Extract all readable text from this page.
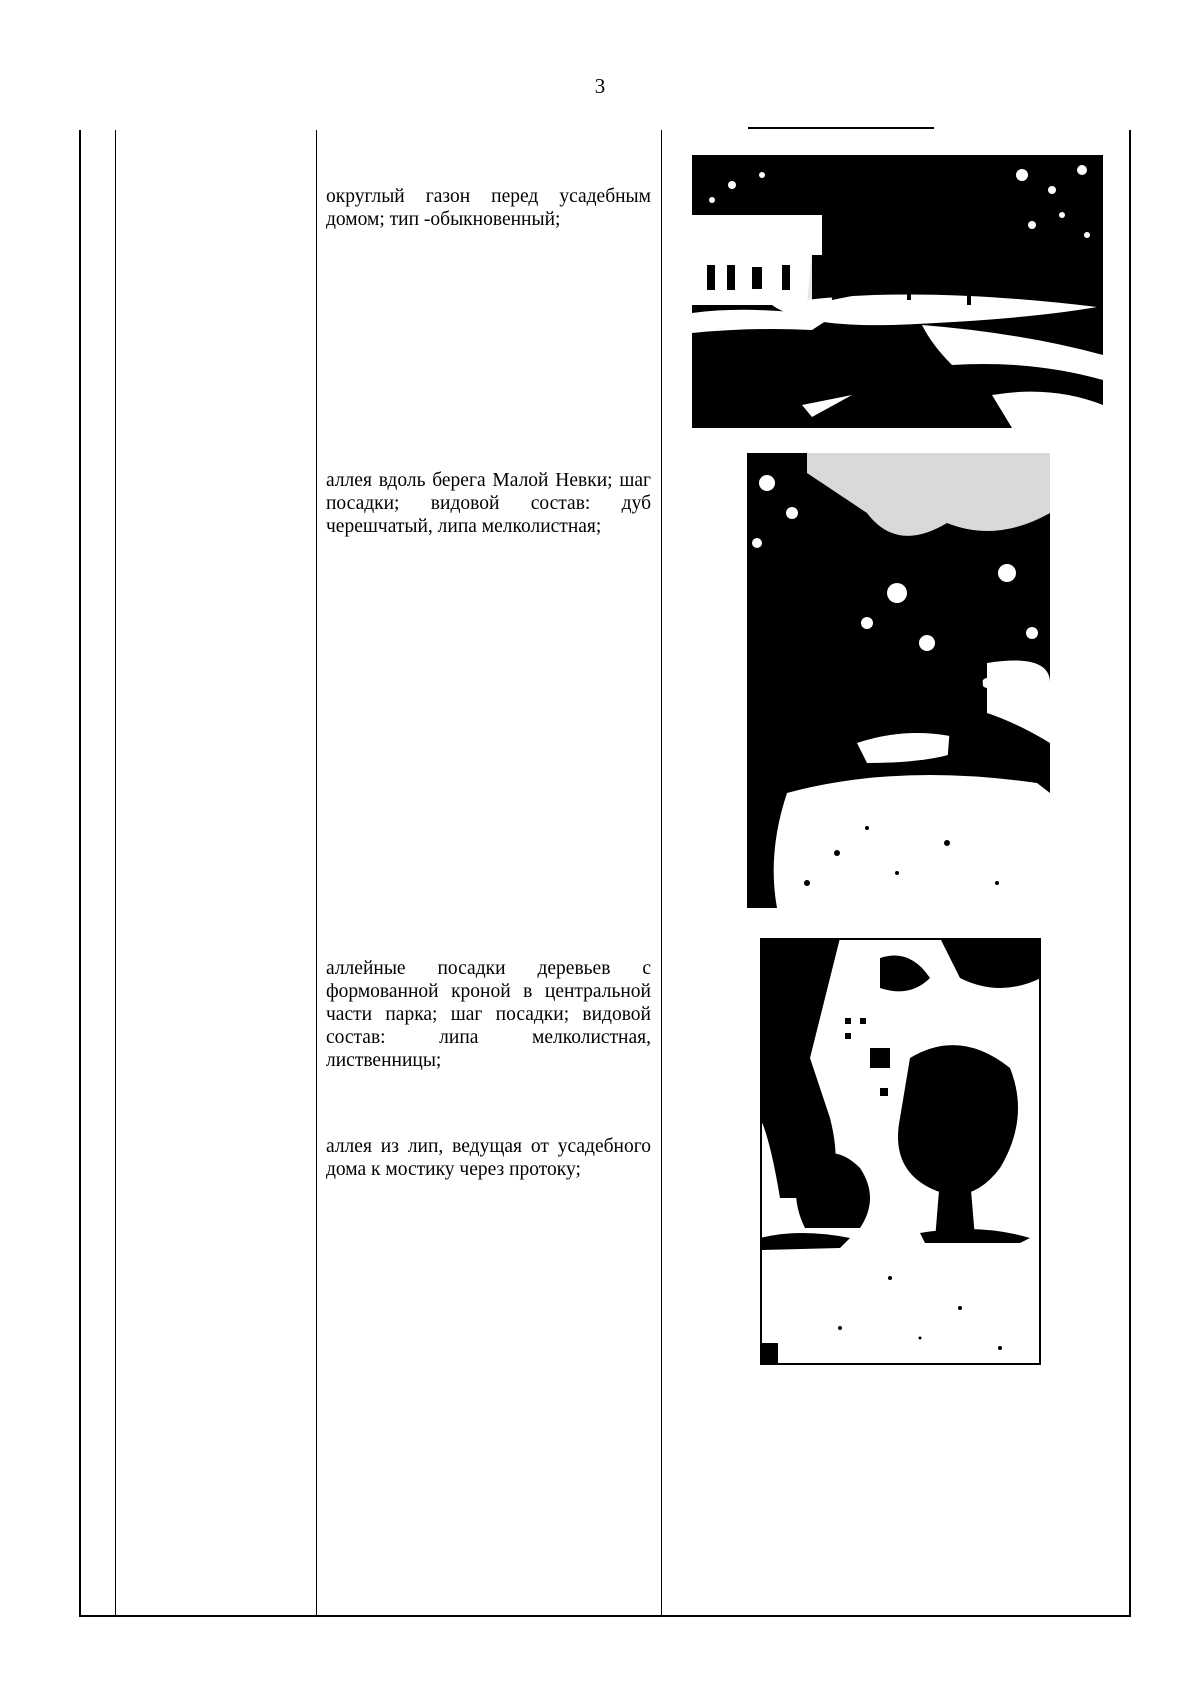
3

округлый газон перед усадебным домом; тип -обыкновенный;

аллея вдоль берега Малой Невки; шаг посадки; видовой состав: дуб черешчатый, липа мелколистная;

аллейные посадки деревьев с формованной кроной в центральной части парка; шаг посадки; видовой состав: липа мелколистная, лиственницы;

аллея из лип, ведущая от усадебного дома к мостику через протоку;
